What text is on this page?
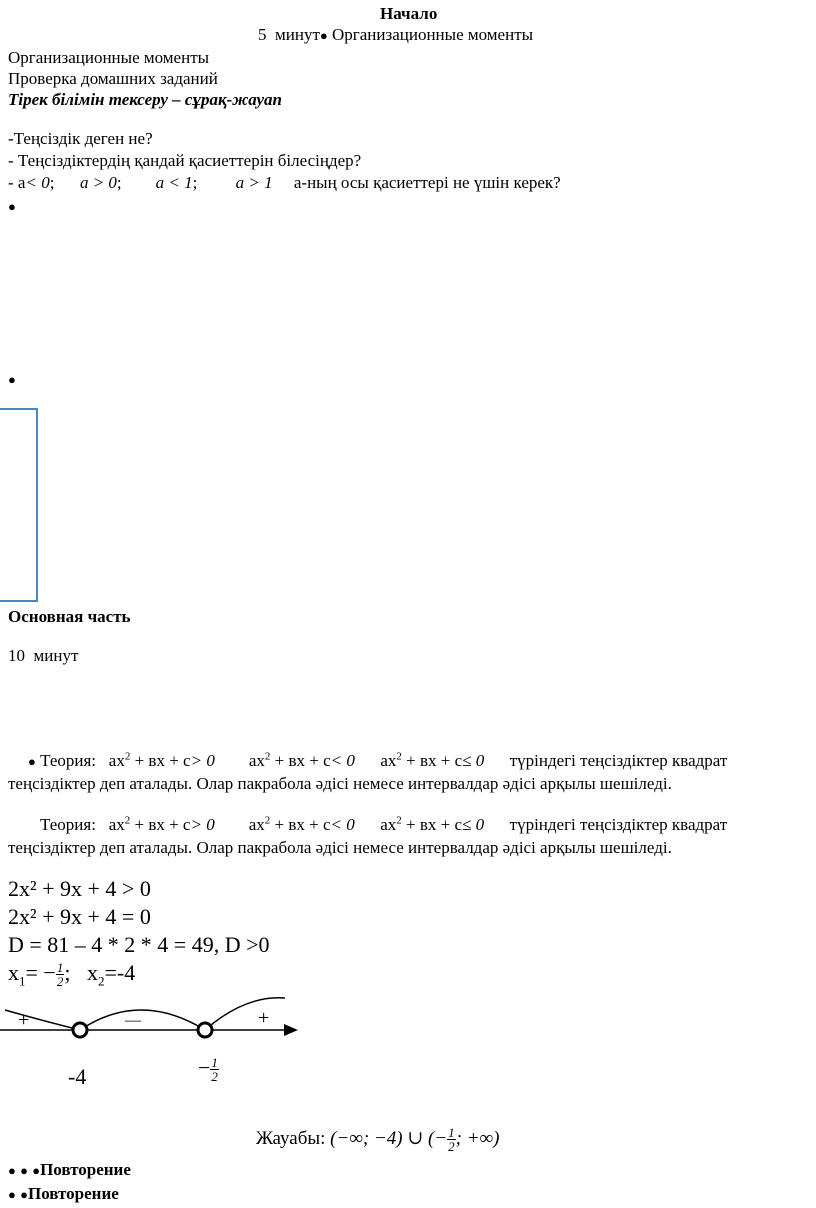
Начало
5 минут ● Организационные моменты
Организационные моменты
Проверка домашних заданий
Тірек білімін тексеру – сұрақ-жауап
-Теңсіздік деген не?
- Теңсіздіктердің қандай қасиеттерін білесіңдер?
- a< 0; a > 0; a < 1; a > 1 а-ның осы қасиеттері не үшін керек?
●
●
Основная часть
10 минут
● Теория: $ax^2$ + вх + c> 0 $ax^2$ + вх + c< 0 $ax^2$ + вх + c≤ 0 түріндегі теңсіздіктер квадрат
теңсіздіктер деп аталады. Олар пакрабола әдісі немесе интервалдар әдісі арқылы шешіледі.
Теория: $ax^2$ + вх + c> 0 $ax^2$ + вх + c< 0 $ax^2$ + вх + c≤ 0 түріндегі теңсіздіктер квадрат
теңсіздіктер деп аталады. Олар пакрабола әдісі немесе интервалдар әдісі арқылы шешіледі.
2x² + 9x + 4 > 0
2x² + 9x + 4 = 0
D = 81 – 4 * 2 * 4 = 49, D >0
$x_1= - \frac{1}{2}$ ;   $x_2=-4$
+	—	+
-4	− $\frac{1}{2}$
Жауабы: (−∞; −4) ∪ (− $\frac{1}{2}$ ; +∞)
● ● ● Повторение
● ● Повторение
